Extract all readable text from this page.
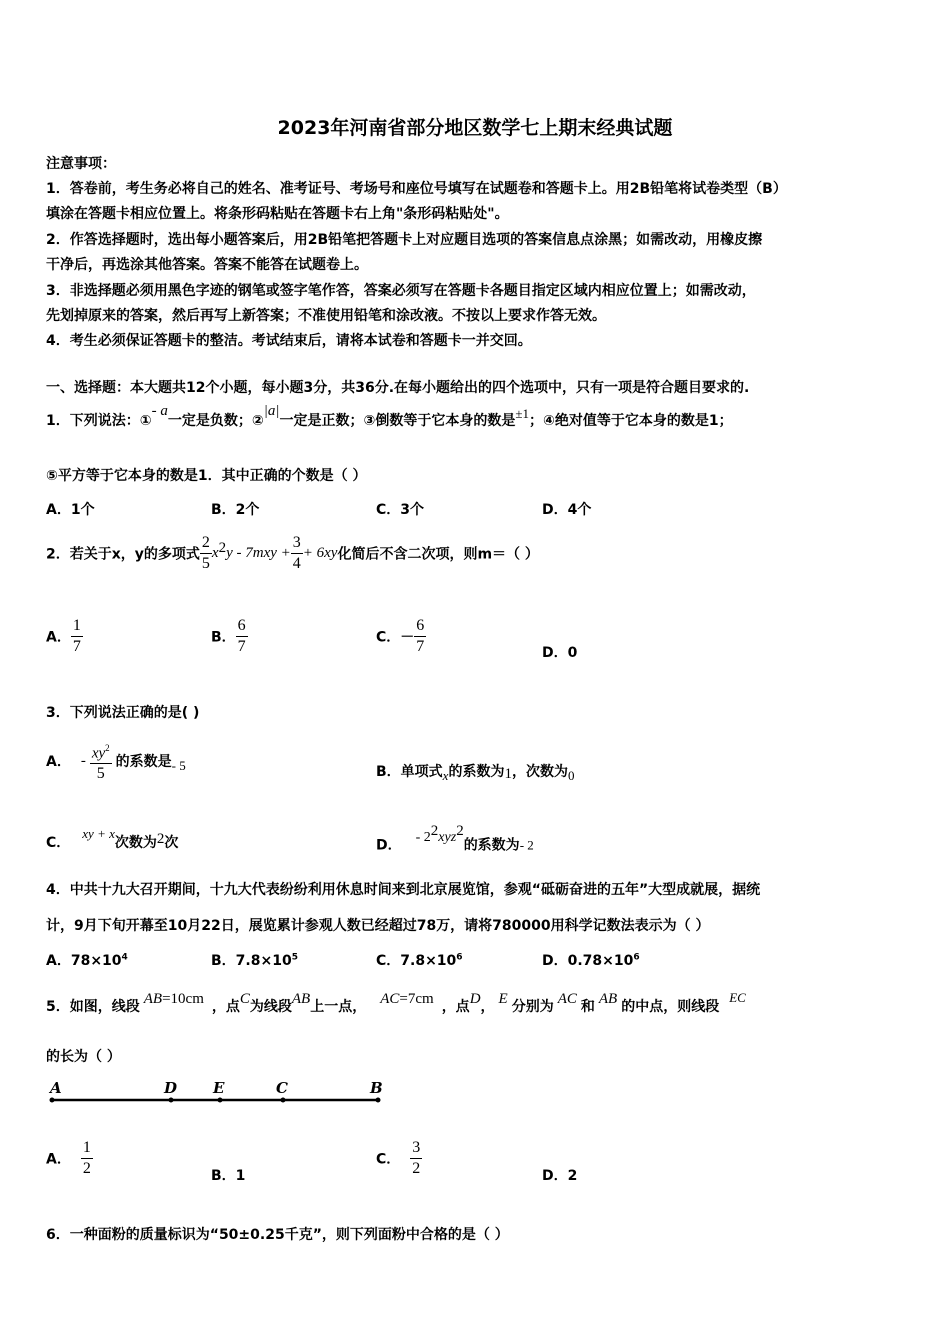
2023年河南省部分地区数学七上期末经典试题
注意事项：
1．答卷前，考生务必将自己的姓名、准考证号、考场号和座位号填写在试题卷和答题卡上。用2B铅笔将试卷类型（B）
填涂在答题卡相应位置上。将条形码粘贴在答题卡右上角"条形码粘贴处"。
2．作答选择题时，选出每小题答案后，用2B铅笔把答题卡上对应题目选项的答案信息点涂黑；如需改动，用橡皮擦
干净后，再选涂其他答案。答案不能答在试题卷上。
3．非选择题必须用黑色字迹的钢笔或签字笔作答，答案必须写在答题卡各题目指定区域内相应位置上；如需改动，
先划掉原来的答案，然后再写上新答案；不准使用铅笔和涂改液。不按以上要求作答无效。
4．考生必须保证答题卡的整洁。考试结束后，请将本试卷和答题卡一并交回。
一、选择题：本大题共12个小题，每小题3分，共36分.在每小题给出的四个选项中，只有一项是符合题目要求的.
1．下列说法：①- a一定是负数；②|a|一定是正数；③倒数等于它本身的数是±1；④绝对值等于它本身的数是1；
⑤平方等于它本身的数是1．其中正确的个数是（ ）
A．1个	B．2个	C．3个	D．4个
2．若关于x，y的多项式 $\frac{2}{5} x^2y - 7mxy + \frac{3}{4} + 6xy$化简后不含二次项，则m＝（ ）
A． $\frac{1}{7}$	B． $\frac{6}{7}$	C．－ $\frac{6}{7}$	D．0
3．下列说法正确的是( )
A． - $\frac{xy^2}{5}$ 的系数是- 5	B．单项式x的系数为1，次数为0
C．xy + x次数为2次	D．- $2^2xyz^2$的系数为- 2
4．中共十九大召开期间，十九大代表纷纷利用休息时间来到北京展览馆，参观“砥砺奋进的五年”大型成就展，据统
计，9月下旬开幕至10月22日，展览累计参观人数已经超过78万，请将780000用科学记数法表示为（ ）
A．$78\times 10^4$	B．$7.8\times 10^5$	C．$7.8\times 10^6$	D．$0.78\times 10^6$
5．如图，线段 AB=10cm ，点C为线段AB上一点， AC=7cm ，点D， E 分别为 AC 和 AB 的中点，则线段EC
的长为（ ）
A	D E	C	B
A． $\frac{1}{2}$	B．1
C． $\frac{3}{2}$	D．2
6．一种面粉的质量标识为“50±0.25千克”，则下列面粉中合格的是（ ）
